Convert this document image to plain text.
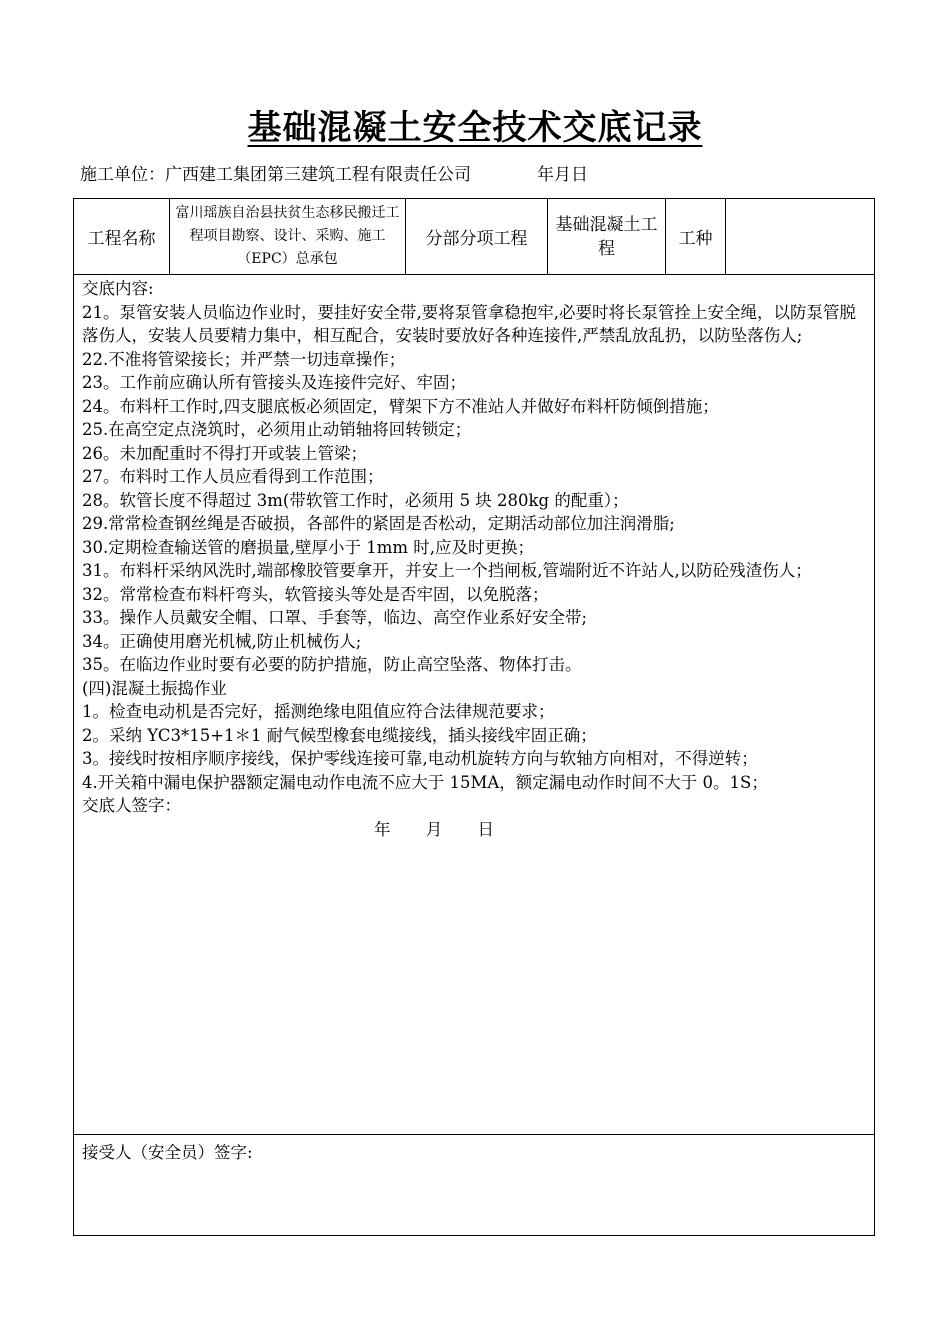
基础混凝土安全技术交底记录
施工单位：广西建工集团第三建筑工程有限责任公司	年月日
工程名称
富川瑶族自治县扶贫生态移民搬迁工程项目勘察、设计、采购、施工（EPC）总承包
分部分项工程
基础混凝土工程	工种

交底内容:

21。泵管安装人员临边作业时，要挂好安全带,要将泵管拿稳抱牢,必要时将长泵管拴上安全绳，以防泵管脱落伤人，安装人员要精力集中，相互配合，安装时要放好各种连接件,严禁乱放乱扔，以防坠落伤人;

22.不准将管梁接长；并严禁一切违章操作；

23。工作前应确认所有管接头及连接件完好、牢固；

24。布料杆工作时,四支腿底板必须固定，臂架下方不准站人并做好布料杆防倾倒措施；

25.在高空定点浇筑时，必须用止动销轴将回转锁定；

26。未加配重时不得打开或装上管梁；

27。布料时工作人员应看得到工作范围；

28。软管长度不得超过 3m(带软管工作时，必须用 5 块 280kg 的配重）；

29.常常检查钢丝绳是否破损，各部件的紧固是否松动，定期活动部位加注润滑脂;

30.定期检查输送管的磨损量,壁厚小于 1mm 时,应及时更换；

31。布料杆采纳风洗时,端部橡胶管要拿开，并安上一个挡闸板,管端附近不许站人,以防砼残渣伤人；

32。常常检查布料杆弯头，软管接头等处是否牢固，以免脱落；

33。操作人员戴安全帽、口罩、手套等，临边、高空作业系好安全带;

34。正确使用磨光机械,防止机械伤人;

35。在临边作业时要有必要的防护措施，防止高空坠落、物体打击。

(四)混凝土振捣作业

1。检查电动机是否完好，摇测绝缘电阻值应符合法律规范要求；

2。采纳 YC3*15+1＊1 耐气候型橡套电缆接线，插头接线牢固正确；

3。接线时按相序顺序接线，保护零线连接可靠,电动机旋转方向与软轴方向相对，不得逆转；

4.开关箱中漏电保护器额定漏电动作电流不应大于 15MA，额定漏电动作时间不大于 0。1S；

交底人签字：

年 月 日

接受人（安全员）签字:
